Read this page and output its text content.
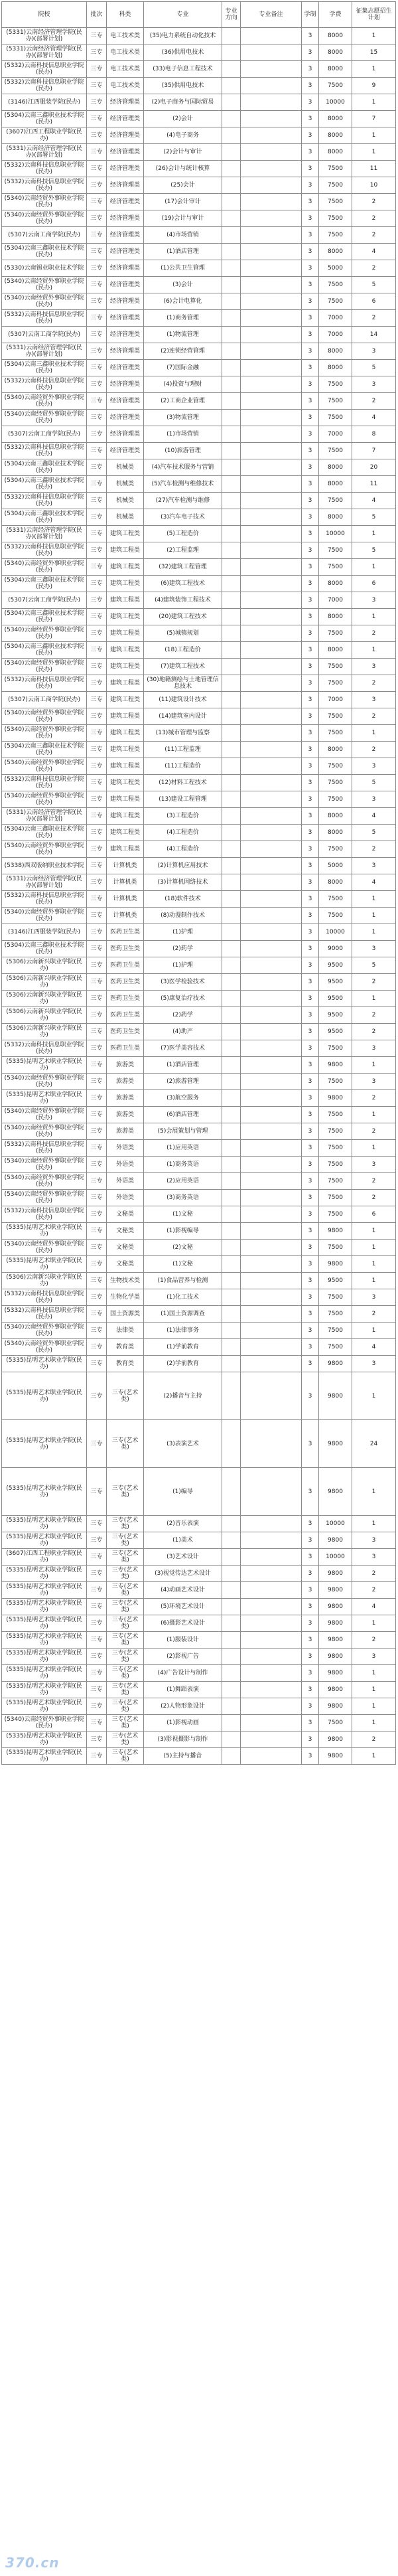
院校	批次	科类	专业	专业方向	专业备注	学制	学费	征集志愿招生计划
(5331)云南经济管理学院(民办)(部署计划)	三专	电工技术类	(35)电力系统自动化技术			3	8000	1
(5331)云南经济管理学院(民办)(部署计划)	三专	电工技术类	(36)供用电技术			3	8000	15
(5332)云南科技信息职业学院(民办)	三专	电工技术类	(33)电子信息工程技术			3	8000	1
(5332)云南科技信息职业学院(民办)	三专	电工技术类	(35)供用电技术			3	7500	9
(3146)江西服装学院(民办)	三专	经济管理类	(2)电子商务与国际贸易			3	10000	1
(5304)云南三鑫职业技术学院(民办)	三专	经济管理类	(2)会计			3	8000	7
(3607)江西工程职业学院(民办)	三专	经济管理类	(4)电子商务			3	8000	1
(5331)云南经济管理学院(民办)(部署计划)	三专	经济管理类	(2)会计与审计			3	8000	1
(5332)云南科技信息职业学院(民办)	三专	经济管理类	(26)会计与统计核算			3	7500	11
(5332)云南科技信息职业学院(民办)	三专	经济管理类	(25)会计			3	7500	10
(5340)云南经贸外事职业学院(民办)	三专	经济管理类	(17)会计审计			3	7500	2
(5340)云南经贸外事职业学院(民办)	三专	经济管理类	(19)会计与审计			3	7500	2
(5307)云南工商学院(民办)	三专	经济管理类	(4)市场营销			3	7500	2
(5304)云南三鑫职业技术学院(民办)	三专	经济管理类	(1)酒店管理			3	8000	4
(5330)云南锡业职业技术学院	三专	经济管理类	(1)公共卫生管理			3	5000	2
(5340)云南经贸外事职业学院(民办)	三专	经济管理类	(3)会计			3	7500	5
(5340)云南经贸外事职业学院(民办)	三专	经济管理类	(6)会计电算化			3	7500	6
(5332)云南科技信息职业学院(民办)	三专	经济管理类	(1)商务管理			3	7000	2
(5307)云南工商学院(民办)	三专	经济管理类	(1)物流管理			3	7000	14
(5331)云南经济管理学院(民办)(部署计划)	三专	经济管理类	(2)连锁经营管理			3	8000	3
(5304)云南三鑫职业技术学院(民办)	三专	经济管理类	(7)国际金融			3	8000	5
(5332)云南科技信息职业学院(民办)	三专	经济管理类	(4)投资与理财			3	7500	3
(5340)云南经贸外事职业学院(民办)	三专	经济管理类	(2)工商企业管理			3	7500	2
(5340)云南经贸外事职业学院(民办)	三专	经济管理类	(3)物流管理			3	7500	4
(5307)云南工商学院(民办)	三专	经济管理类	(1)市场营销			3	7000	8
(5332)云南科技信息职业学院(民办)	三专	经济管理类	(10)旅游管理			3	7500	7
(5304)云南三鑫职业技术学院(民办)	三专	机械类	(4)汽车技术服务与营销			3	8000	20
(5304)云南三鑫职业技术学院(民办)	三专	机械类	(5)汽车检测与维修技术			3	8000	11
(5332)云南科技信息职业学院(民办)	三专	机械类	(27)汽车检测与维修			3	7500	4
(5304)云南三鑫职业技术学院(民办)	三专	机械类	(3)汽车电子技术			3	8000	5
(5331)云南经济管理学院(民办)(部署计划)	三专	建筑工程类	(5)工程造价			3	10000	1
(5332)云南科技信息职业学院(民办)	三专	建筑工程类	(2)工程监理			3	7500	5
(5340)云南经贸外事职业学院(民办)	三专	建筑工程类	(32)建筑工程管理			3	7500	1
(5304)云南三鑫职业技术学院(民办)	三专	建筑工程类	(6)建筑工程技术			3	8000	6
(5307)云南工商学院(民办)	三专	建筑工程类	(4)建筑装饰工程技术			3	7000	3
(5304)云南三鑫职业技术学院(民办)	三专	建筑工程类	(20)建筑工程技术			3	8000	1
(5340)云南经贸外事职业学院(民办)	三专	建筑工程类	(5)城镇规划			3	7500	2
(5304)云南三鑫职业技术学院(民办)	三专	建筑工程类	(18)工程造价			3	8000	1
(5340)云南经贸外事职业学院(民办)	三专	建筑工程类	(7)建筑工程技术			3	7500	3
(5332)云南科技信息职业学院(民办)	三专	建筑工程类	(30)地籍测绘与土地管理信息技术			3	7500	2
(5307)云南工商学院(民办)	三专	建筑工程类	(11)建筑设计技术			3	7000	3
(5340)云南经贸外事职业学院(民办)	三专	建筑工程类	(14)建筑室内设计			3	7500	2
(5340)云南经贸外事职业学院(民办)	三专	建筑工程类	(13)城市管理与监察			3	7500	1
(5304)云南三鑫职业技术学院(民办)	三专	建筑工程类	(11)工程监理			3	8000	2
(5340)云南经贸外事职业学院(民办)	三专	建筑工程类	(11)工程造价			3	7500	3
(5332)云南科技信息职业学院(民办)	三专	建筑工程类	(12)材料工程技术			3	7500	5
(5340)云南经贸外事职业学院(民办)	三专	建筑工程类	(13)建设工程管理			3	7500	3
(5331)云南经济管理学院(民办)(部署计划)	三专	建筑工程类	(3)工程造价			3	8000	4
(5304)云南三鑫职业技术学院(民办)	三专	建筑工程类	(4)工程造价			3	8000	5
(5340)云南经贸外事职业学院(民办)	三专	建筑工程类	(4)工程造价			3	7500	2
(5338)西双版纳职业技术学院	三专	计算机类	(2)计算机应用技术			3	5000	3
(5331)云南经济管理学院(民办)(部署计划)	三专	计算机类	(3)计算机网络技术			3	8000	4
(5332)云南科技信息职业学院(民办)	三专	计算机类	(18)软件技术			3	7500	1
(5340)云南经贸外事职业学院(民办)	三专	计算机类	(8)动漫制作技术			3	7500	1
(3146)江西服装学院(民办)	三专	医药卫生类	(1)护理			3	10000	1
(5304)云南三鑫职业技术学院(民办)	三专	医药卫生类	(2)药学			3	9000	3
(5306)云南新兴职业学院(民办)	三专	医药卫生类	(1)护理			3	9500	5
(5306)云南新兴职业学院(民办)	三专	医药卫生类	(3)医学检验技术			3	9500	2
(5306)云南新兴职业学院(民办)	三专	医药卫生类	(5)康复治疗技术			3	9500	1
(5306)云南新兴职业学院(民办)	三专	医药卫生类	(2)药学			3	9500	2
(5306)云南新兴职业学院(民办)	三专	医药卫生类	(4)助产			3	9500	2
(5332)云南科技信息职业学院(民办)	三专	医药卫生类	(7)医学美容技术			3	7500	3
(5335)昆明艺术职业学院(民办)	三专	旅游类	(1)酒店管理			3	9800	1
(5340)云南经贸外事职业学院(民办)	三专	旅游类	(2)旅游管理			3	7500	3
(5335)昆明艺术职业学院(民办)	三专	旅游类	(3)航空服务			3	9800	2
(5340)云南经贸外事职业学院(民办)	三专	旅游类	(6)酒店管理			3	7500	1
(5340)云南经贸外事职业学院(民办)	三专	旅游类	(5)会展策划与管理			3	7500	2
(5332)云南科技信息职业学院(民办)	三专	外语类	(1)应用英语			3	7500	1
(5340)云南经贸外事职业学院(民办)	三专	外语类	(1)商务英语			3	7500	3
(5340)云南经贸外事职业学院(民办)	三专	外语类	(2)应用英语			3	7500	2
(5340)云南经贸外事职业学院(民办)	三专	外语类	(3)商务英语			3	7500	2
(5332)云南科技信息职业学院(民办)	三专	文秘类	(1)文秘			3	7500	6
(5335)昆明艺术职业学院(民办)	三专	文秘类	(1)影视编导			3	9800	1
(5340)云南经贸外事职业学院(民办)	三专	文秘类	(2)文秘			3	7500	1
(5335)昆明艺术职业学院(民办)	三专	文秘类	(1)文秘			3	9800	1
(5306)云南新兴职业学院(民办)	三专	生物技术类	(1)食品营养与检测			3	9500	1
(5332)云南科技信息职业学院(民办)	三专	生物化学类	(1)化工技术			3	7500	3
(5332)云南科技信息职业学院(民办)	三专	国土资源类	(1)国土资源调查			3	7500	2
(5340)云南经贸外事职业学院(民办)	三专	法律类	(1)法律事务			3	7500	1
(5340)云南经贸外事职业学院(民办)	三专	教育类	(1)学前教育			3	7500	4
(5335)昆明艺术职业学院(民办)	三专	教育类	(2)学前教育			3	9800	3
(5335)昆明艺术职业学院(民办)	三专	三专(艺术类)	(2)播音与主持			3	9800	1
(5335)昆明艺术职业学院(民办)	三专	三专(艺术类)	(3)表演艺术			3	9800	24
(5335)昆明艺术职业学院(民办)	三专	三专(艺术类)	(1)编导			3	9800	1
(5335)昆明艺术职业学院(民办)	三专	三专(艺术类)	(2)音乐表演			3	10000	1
(5335)昆明艺术职业学院(民办)	三专	三专(艺术类)	(1)美术			3	9800	3
(3607)江西工程职业学院(民办)	三专	三专(艺术类)	(3)艺术设计			3	10000	3
(5335)昆明艺术职业学院(民办)	三专	三专(艺术类)	(3)视觉传达艺术设计			3	9800	2
(5335)昆明艺术职业学院(民办)	三专	三专(艺术类)	(4)动画艺术设计			3	9800	2
(5335)昆明艺术职业学院(民办)	三专	三专(艺术类)	(5)环境艺术设计			3	9800	4
(5335)昆明艺术职业学院(民办)	三专	三专(艺术类)	(6)摄影艺术设计			3	9800	1
(5335)昆明艺术职业学院(民办)	三专	三专(艺术类)	(1)服装设计			3	9800	2
(5335)昆明艺术职业学院(民办)	三专	三专(艺术类)	(2)影视广告			3	9800	3
(5335)昆明艺术职业学院(民办)	三专	三专(艺术类)	(4)广告设计与制作			3	9800	1
(5335)昆明艺术职业学院(民办)	三专	三专(艺术类)	(1)舞蹈表演			3	9800	1
(5335)昆明艺术职业学院(民办)	三专	三专(艺术类)	(2)人物形象设计			3	9800	1
(5340)云南经贸外事职业学院(民办)	三专	三专(艺术类)	(1)影视动画			3	7500	1
(5335)昆明艺术职业学院(民办)	三专	三专(艺术类)	(3)影视摄影与制作			3	9800	2
(5335)昆明艺术职业学院(民办)	三专	三专(艺术类)	(5)主持与播音			3	9800	1
370.cn
